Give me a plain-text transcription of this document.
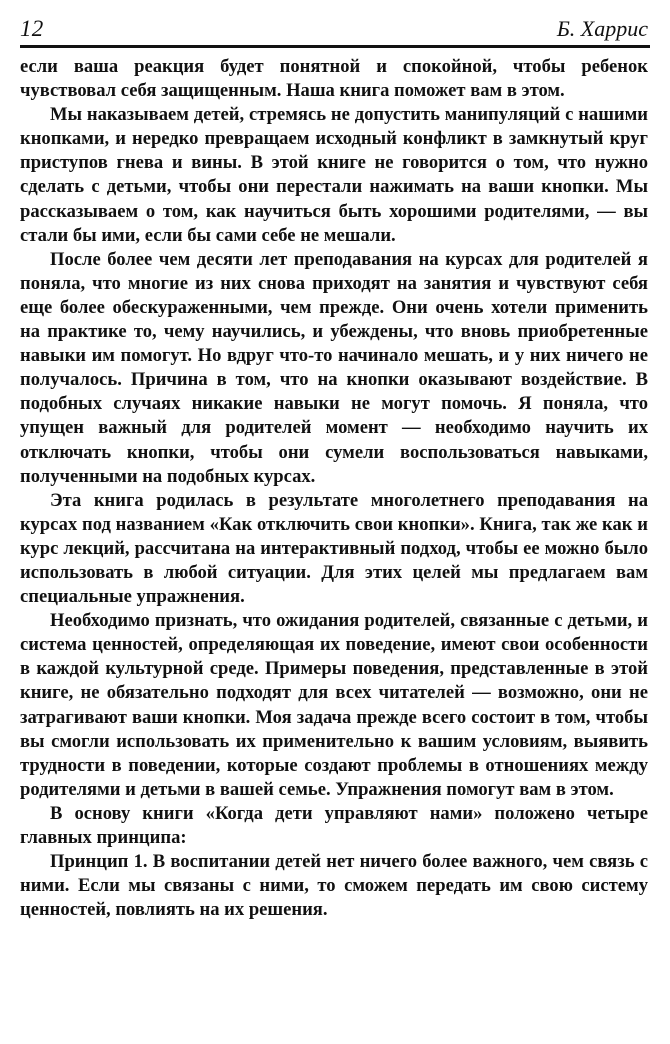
12	Б. Харрис

если ваша реакция будет понятной и спокойной, чтобы ребенок чувствовал себя защищенным. Наша книга поможет вам в этом.

Мы наказываем детей, стремясь не допустить манипуляций с нашими кнопками, и нередко превращаем исходный конфликт в замкнутый круг приступов гнева и вины. В этой книге не говорится о том, что нужно сделать с детьми, чтобы они перестали нажимать на ваши кнопки. Мы рассказываем о том, как научиться быть хорошими родителями, — вы стали бы ими, если бы сами себе не мешали.

После более чем десяти лет преподавания на курсах для родителей я поняла, что многие из них снова приходят на занятия и чувствуют себя еще более обескураженными, чем прежде. Они очень хотели применить на практике то, чему научились, и убеждены, что вновь приобретенные навыки им помогут. Но вдруг что-то начинало мешать, и у них ничего не получалось. Причина в том, что на кнопки оказывают воздействие. В подобных случаях никакие навыки не могут помочь. Я поняла, что упущен важный для родителей момент — необходимо научить их отключать кнопки, чтобы они сумели воспользоваться навыками, полученными на подобных курсах.

Эта книга родилась в результате многолетнего преподавания на курсах под названием «Как отключить свои кнопки». Книга, так же как и курс лекций, рассчитана на интерактивный подход, чтобы ее можно было использовать в любой ситуации. Для этих целей мы предлагаем вам специальные упражнения.

Необходимо признать, что ожидания родителей, связанные с детьми, и система ценностей, определяющая их поведение, имеют свои особенности в каждой культурной среде. Примеры поведения, представленные в этой книге, не обязательно подходят для всех читателей — возможно, они не затрагивают ваши кнопки. Моя задача прежде всего состоит в том, чтобы вы смогли использовать их применительно к вашим условиям, выявить трудности в поведении, которые создают проблемы в отношениях между родителями и детьми в вашей семье. Упражнения помогут вам в этом.

В основу книги «Когда дети управляют нами» положено четыре главных принципа:

Принцип 1. В воспитании детей нет ничего более важного, чем связь с ними. Если мы связаны с ними, то сможем передать им свою систему ценностей, повлиять на их решения.
